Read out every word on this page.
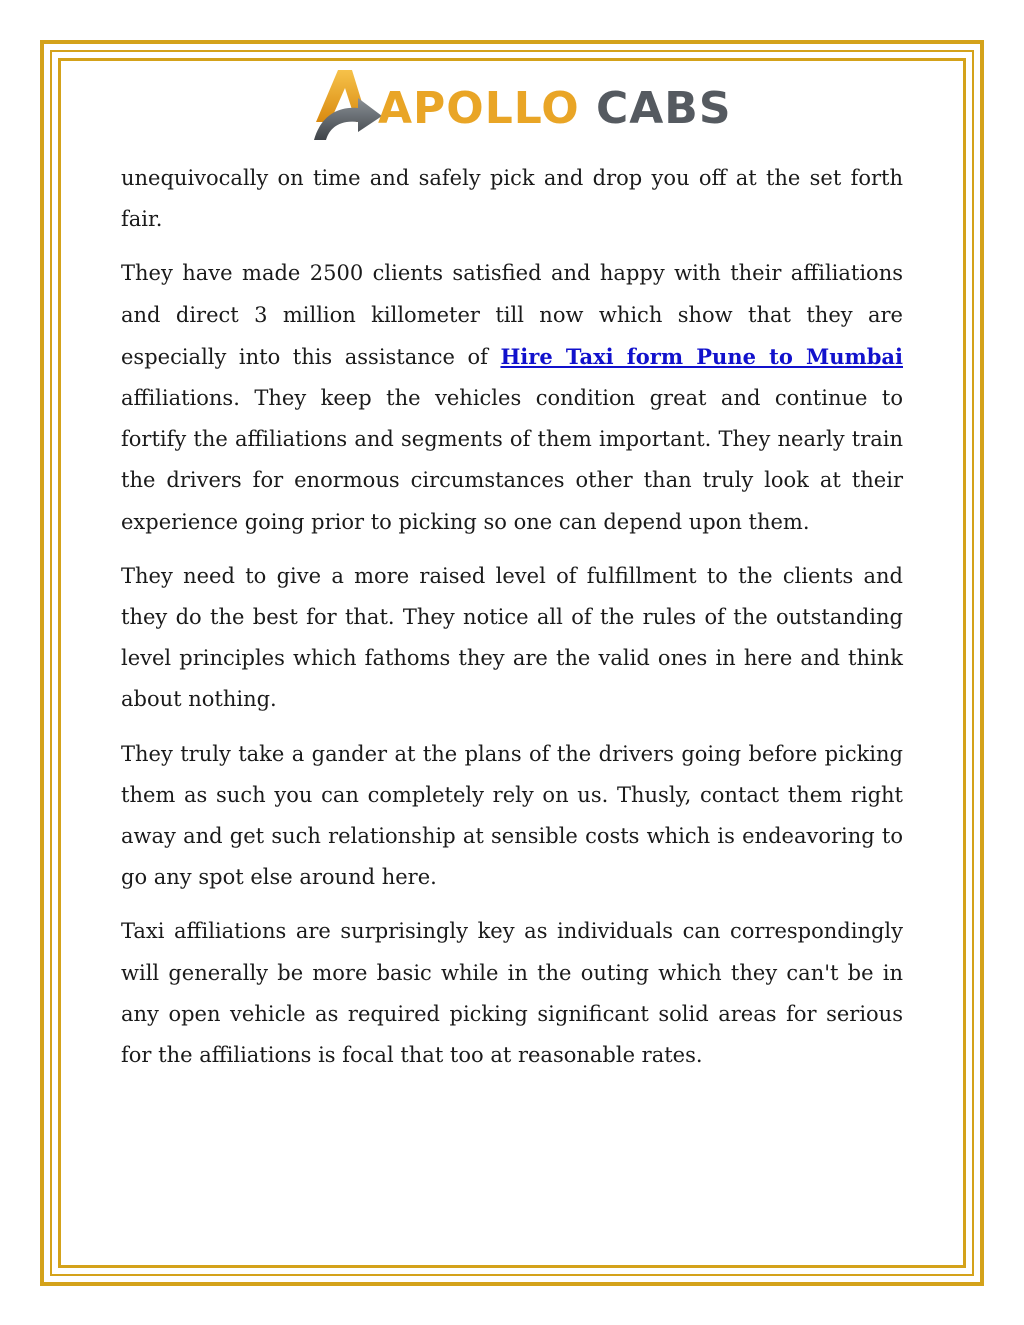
APOLLO CABS

unequivocally on time and safely pick and drop you off at the set forth fair.

They have made 2500 clients satisfied and happy with their affiliations and direct 3 million killometer till now which show that they are especially into this assistance of Hire Taxi form Pune to Mumbai  affiliations. They keep the vehicles condition great and continue to fortify the affiliations and segments of them important. They nearly train the drivers for enormous circumstances other than truly look at their experience going prior to picking so one can depend upon them.

They need to give a more raised level of fulfillment to the clients and they do the best for that. They notice all of the rules of the outstanding level principles which fathoms they are the valid ones in here and think about nothing.

They truly take a gander at the plans of the drivers going before picking them as such you can completely rely on us. Thusly, contact them right away and get such relationship at sensible costs which is endeavoring to go any spot else around here.

Taxi affiliations are surprisingly key as individuals can correspondingly will generally be more basic while in the outing which they can't be in any open vehicle as required picking significant solid areas for serious for the affiliations is focal that too at reasonable rates.
